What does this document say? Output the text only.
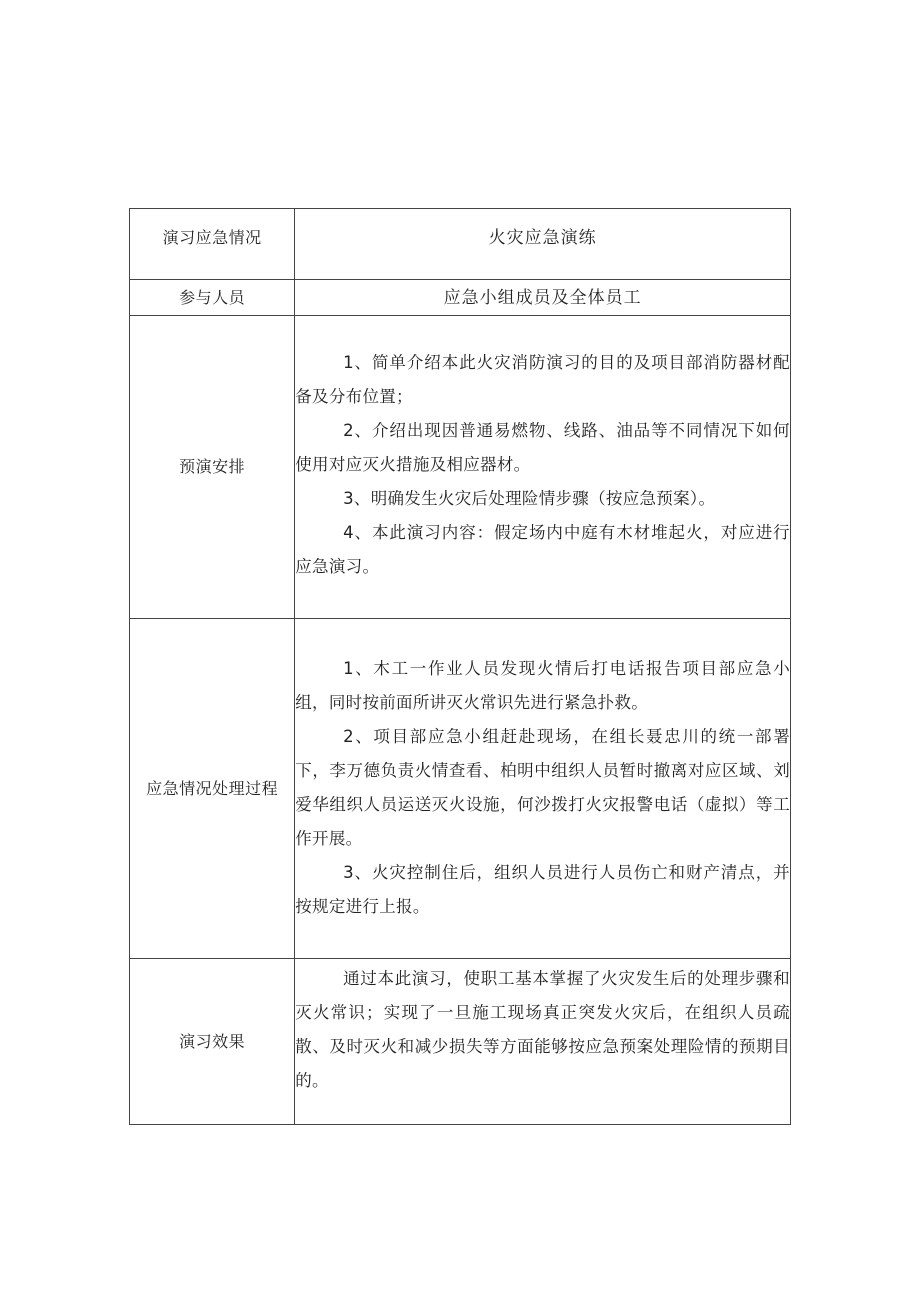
演习应急情况	火灾应急演练
参与人员	应急小组成员及全体员工
预演安排	1、简单介绍本此火灾消防演习的目的及项目部消防器材配备及分布位置；

2、介绍出现因普通易燃物、线路、油品等不同情况下如何使用对应灭火措施及相应器材。

3、明确发生火灾后处理险情步骤（按应急预案）。

4、本此演习内容：假定场内中庭有木材堆起火，对应进行应急演习。

应急情况处理过程	1、木工一作业人员发现火情后打电话报告项目部应急小组，同时按前面所讲灭火常识先进行紧急扑救。

2、项目部应急小组赶赴现场，在组长聂忠川的统一部署下，李万德负责火情查看、柏明中组织人员暂时撤离对应区域、刘爱华组织人员运送灭火设施，何沙拨打火灾报警电话（虚拟）等工作开展。

3、火灾控制住后，组织人员进行人员伤亡和财产清点，并按规定进行上报。

演习效果	通过本此演习，使职工基本掌握了火灾发生后的处理步骤和灭火常识；实现了一旦施工现场真正突发火灾后，在组织人员疏散、及时灭火和减少损失等方面能够按应急预案处理险情的预期目的。
